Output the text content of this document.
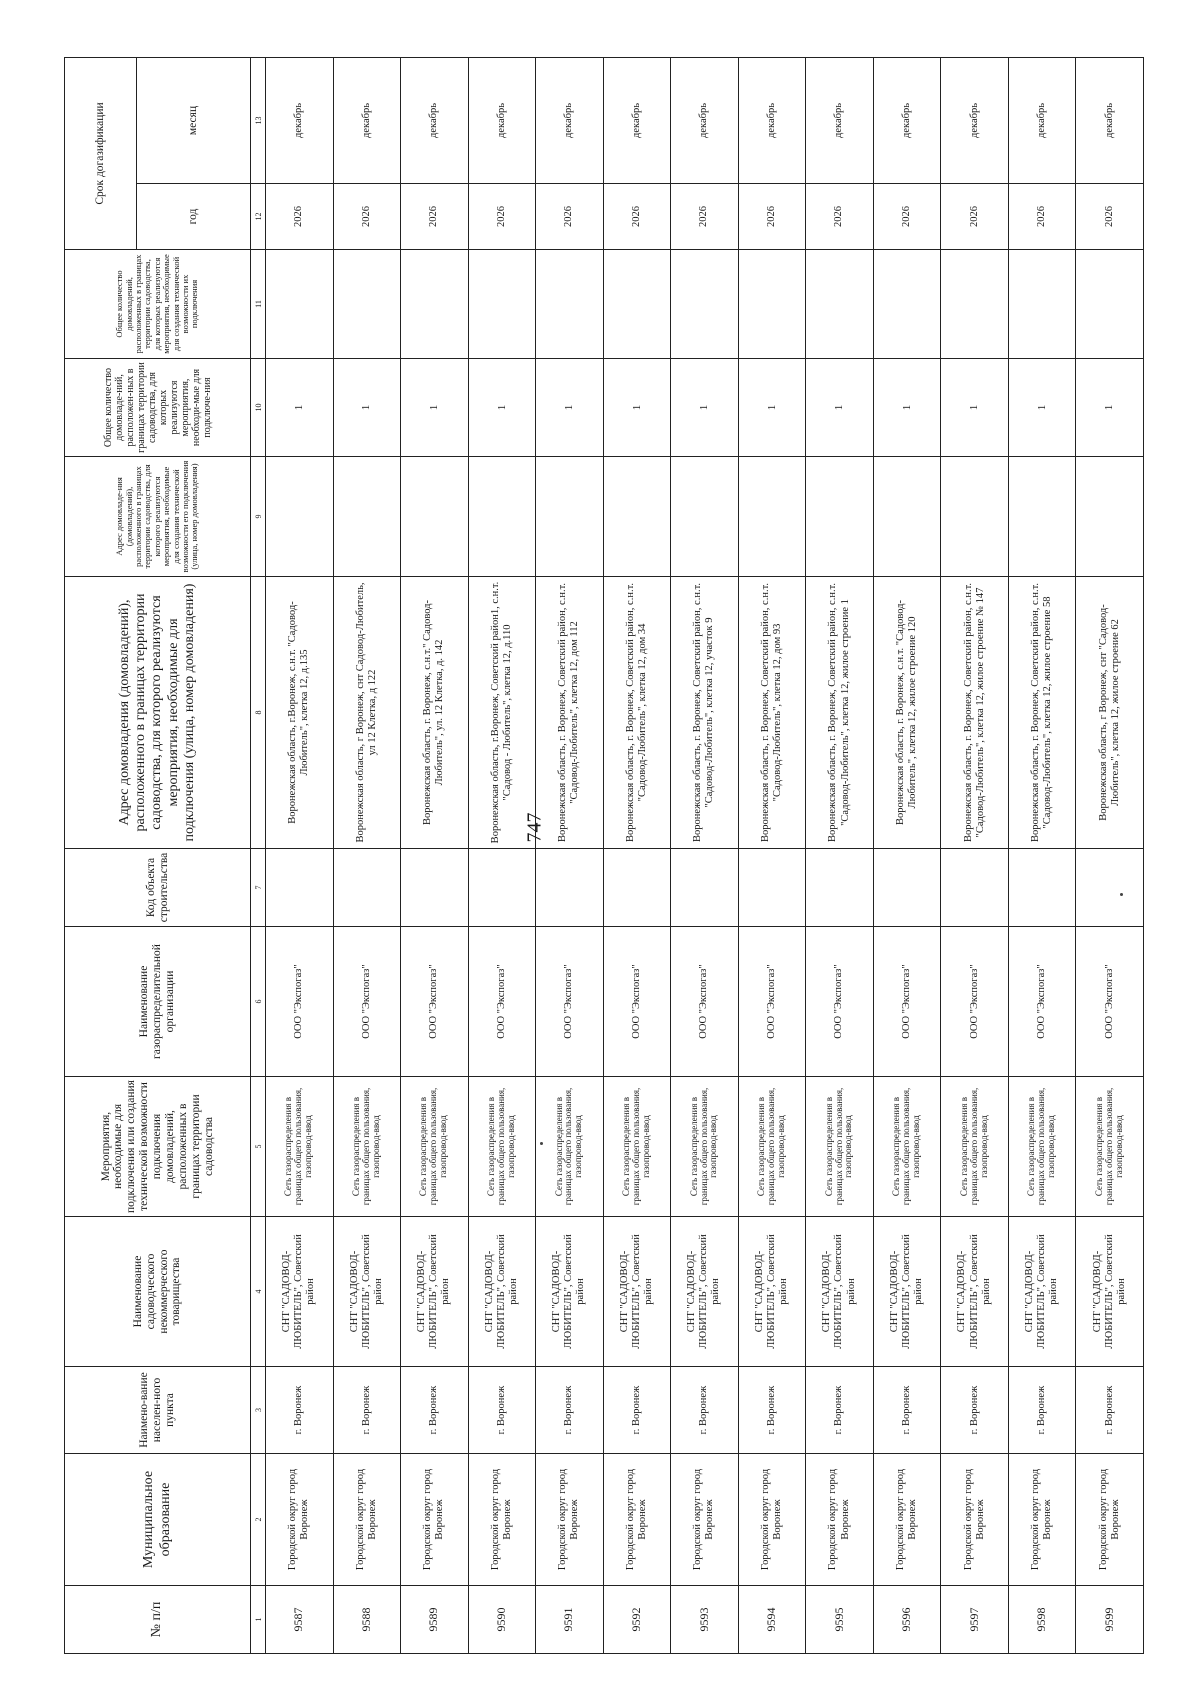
747
№ п/п	Муниципальное образование	Наимено-вание населен-ного пункта	Наименование садоводческого некоммерческого товарищества	Мероприятия, необходимые для подключения или создания технической возможности подключения домовладений, расположенных в границах территории садоводства	Наименование газораспределительной организации	Код объекта строительства	Адрес домовладения (домовладений), расположенного в границах территории садоводства, для которого реализуются мероприятия, необходимые для подключения (улица, номер домовладения)	Адрес домовладе-ния (домовладений), расположенного в границах территории садоводства, для которого реализуются мероприятия, необходимые для создания технической возможности его подключения (улица, номер домовладения)	Общее количество домовладе-ний, расположен-ных в границах территории садоводства, для которых реализуются мероприятия, необходи-мые для подключе-ния	Общее количество домовладений, расположенных в границах территории садоводства, для которых реализуются мероприятия, необходимые для создания технической возможности их подключения	Срок догазификации	
											год	месяц
1	2	3	4	5	6	7	8	9	10	11	12	13
9587	Городской округ город Воронеж	г. Воронеж	СНТ "САДОВОД-ЛЮБИТЕЛЬ", Советский район	Сеть газораспределения в границах общего пользования, газопровод-ввод	ООО "Экспогаз"		Воронежская область, г.Воронеж, с.н.т. "Садовод-Любитель", клетка 12, д.135		1		2026	декабрь
9588	Городской округ город Воронеж	г. Воронеж	СНТ "САДОВОД-ЛЮБИТЕЛЬ", Советский район	Сеть газораспределения в границах общего пользования, газопровод-ввод	ООО "Экспогаз"		Воронежская область, г Воронеж, снт Садовод-Любитель, ул 12 Клетка, д 122		1		2026	декабрь
9589	Городской округ город Воронеж	г. Воронеж	СНТ "САДОВОД-ЛЮБИТЕЛЬ", Советский район	Сеть газораспределения в границах общего пользования, газопровод-ввод	ООО "Экспогаз"		Воронежская область, г. Воронеж, с.н.т." Садовод-Любитель", ул. 12 Клетка, д. 142		1		2026	декабрь
9590	Городской округ город Воронеж	г. Воронеж	СНТ "САДОВОД-ЛЮБИТЕЛЬ", Советский район	Сеть газораспределения в границах общего пользования, газопровод-ввод	ООО "Экспогаз"		Воронежская область, г.Воронеж, Советский район1, с.н.т. "Садовод - Любитель", клетка 12, д.110		1		2026	декабрь
9591	Городской округ город Воронеж	г. Воронеж	СНТ "САДОВОД-ЛЮБИТЕЛЬ", Советский район	Сеть газораспределения в границах общего пользования, газопровод-ввод	ООО "Экспогаз"		Воронежская область, г. Воронеж, Советский район, с.н.т. "Садовод-Любитель", клетка 12, дом 112		1		2026	декабрь
9592	Городской округ город Воронеж	г. Воронеж	СНТ "САДОВОД-ЛЮБИТЕЛЬ", Советский район	Сеть газораспределения в границах общего пользования, газопровод-ввод	ООО "Экспогаз"		Воронежская область, г. Воронеж, Советский район, с.н.т. "Садовод-Любитель", клетка 12, дом 34		1		2026	декабрь
9593	Городской округ город Воронеж	г. Воронеж	СНТ "САДОВОД-ЛЮБИТЕЛЬ", Советский район	Сеть газораспределения в границах общего пользования, газопровод-ввод	ООО "Экспогаз"		Воронежская область, г. Воронеж, Советский район, с.н.т. "Садовод-Любитель", клетка 12, участок 9		1		2026	декабрь
9594	Городской округ город Воронеж	г. Воронеж	СНТ "САДОВОД-ЛЮБИТЕЛЬ", Советский район	Сеть газораспределения в границах общего пользования, газопровод-ввод	ООО "Экспогаз"		Воронежская область, г. Воронеж, Советский район, с.н.т. "Садовод-Любитель", клетка 12, дом 93		1		2026	декабрь
9595	Городской округ город Воронеж	г. Воронеж	СНТ "САДОВОД-ЛЮБИТЕЛЬ", Советский район	Сеть газораспределения в границах общего пользования, газопровод-ввод	ООО "Экспогаз"		Воронежская область, г. Воронеж, Советский район, с.н.т. "Садовод-Любитель", клетка 12, жилое строение 1		1		2026	декабрь
9596	Городской округ город Воронеж	г. Воронеж	СНТ "САДОВОД-ЛЮБИТЕЛЬ", Советский район	Сеть газораспределения в границах общего пользования, газопровод-ввод	ООО "Экспогаз"		Воронежская область, г. Воронеж, с.н.т. "Садовод-Любитель", клетка 12, жилое строение 120		1		2026	декабрь
9597	Городской округ город Воронеж	г. Воронеж	СНТ "САДОВОД-ЛЮБИТЕЛЬ", Советский район	Сеть газораспределения в границах общего пользования, газопровод-ввод	ООО "Экспогаз"		Воронежская область, г. Воронеж, Советский район, с.н.т. "Садовод-Любитель", клетка 12, жилое строение № 147		1		2026	декабрь
9598	Городской округ город Воронеж	г. Воронеж	СНТ "САДОВОД-ЛЮБИТЕЛЬ", Советский район	Сеть газораспределения в границах общего пользования, газопровод-ввод	ООО "Экспогаз"		Воронежская область, г. Воронеж, Советский район, с.н.т. "Садовод-Любитель", клетка 12, жилое строение 58		1		2026	декабрь
9599	Городской округ город Воронеж	г. Воронеж	СНТ "САДОВОД-ЛЮБИТЕЛЬ", Советский район	Сеть газораспределения в границах общего пользования, газопровод-ввод	ООО "Экспогаз"		Воронежская область, г Воронеж, снт "Садовод-Любитель", клетка 12, жилое строение 62		1		2026	декабрь
